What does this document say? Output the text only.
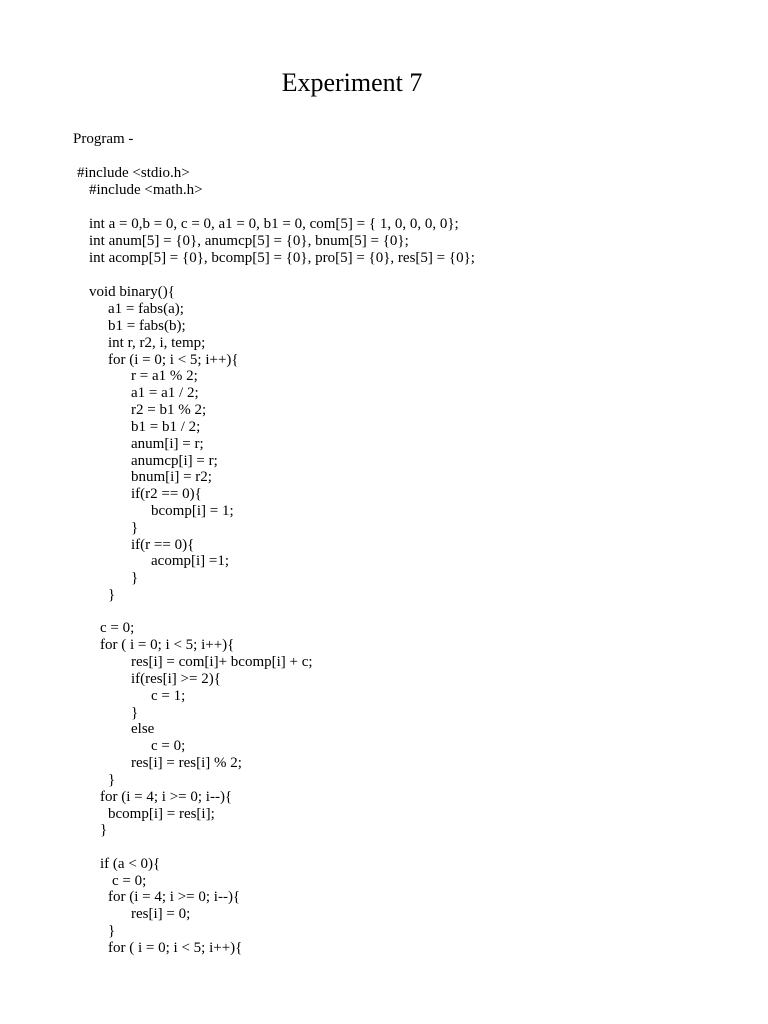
Experiment 7
Program -
#include <stdio.h>
#include <math.h>
int a = 0,b = 0, c = 0, a1 = 0, b1 = 0, com[5] = { 1, 0, 0, 0, 0};
int anum[5] = {0}, anumcp[5] = {0}, bnum[5] = {0};
int acomp[5] = {0}, bcomp[5] = {0}, pro[5] = {0}, res[5] = {0};
void binary(){
a1 = fabs(a);
b1 = fabs(b);
int r, r2, i, temp;
for (i = 0; i < 5; i++){
r = a1 % 2;
a1 = a1 / 2;
r2 = b1 % 2;
b1 = b1 / 2;
anum[i] = r;
anumcp[i] = r;
bnum[i] = r2;
if(r2 == 0){
bcomp[i] = 1;
}
if(r == 0){
acomp[i] =1;
}
}
c = 0;
for ( i = 0; i < 5; i++){
res[i] = com[i]+ bcomp[i] + c;
if(res[i] >= 2){
c = 1;
}
else
c = 0;
res[i] = res[i] % 2;
}
for (i = 4; i >= 0; i--){
bcomp[i] = res[i];
}
if (a < 0){
c = 0;
for (i = 4; i >= 0; i--){
res[i] = 0;
}
for ( i = 0; i < 5; i++){
